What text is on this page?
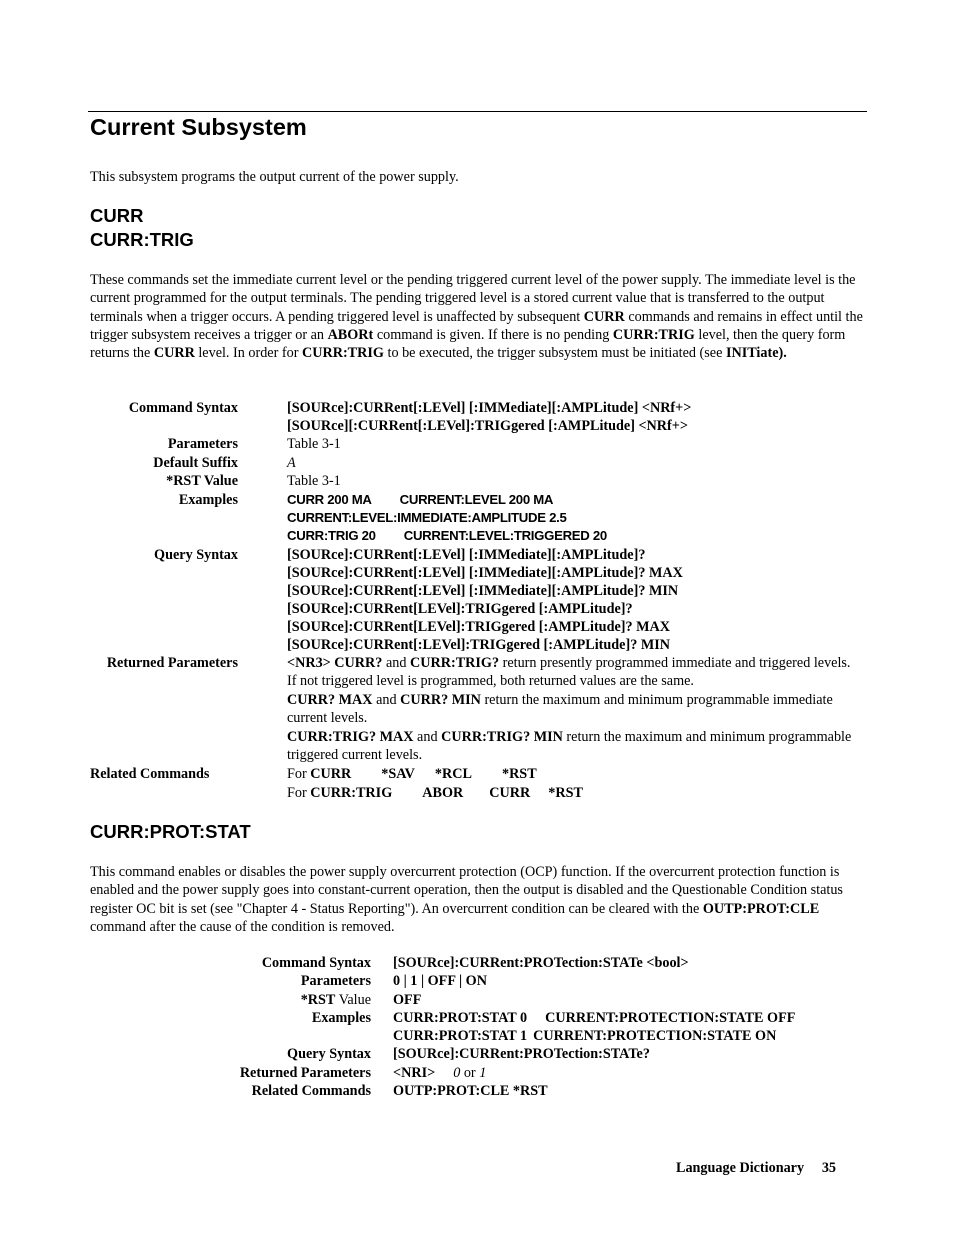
Current Subsystem

This subsystem programs the output current of the power supply.

CURR
CURR:TRIG

These commands set the immediate current level or the pending triggered current level of the power supply. The immediate level is the current programmed for the output terminals. The pending triggered level is a stored current value that is transferred to the output terminals when a trigger occurs. A pending triggered level is unaffected by subsequent CURR commands and remains in effect until the trigger subsystem receives a trigger or an ABORt command is given. If there is no pending CURR:TRIG level, then the query form returns the CURR level. In order for CURR:TRIG to be executed, the trigger subsystem must be initiated (see INITiate).

Command Syntax	[SOURce]:CURRent[:LEVel] [:IMMediate][:AMPLitude] <NRf+>
[SOURce][:CURRent[:LEVel]:TRIGgered [:AMPLitude] <NRf+>
Parameters	Table 3-1
Default Suffix	A
*RST Value	Table 3-1
Examples	CURR 200 MA CURRENT:LEVEL 200 MA
CURRENT:LEVEL:IMMEDIATE:AMPLITUDE 2.5
CURR:TRIG 20 CURRENT:LEVEL:TRIGGERED 20
Query Syntax	[SOURce]:CURRent[:LEVel] [:IMMediate][:AMPLitude]?
[SOURce]:CURRent[:LEVel] [:IMMediate][:AMPLitude]? MAX
[SOURce]:CURRent[:LEVel] [:IMMediate][:AMPLitude]? MIN
[SOURce]:CURRent[LEVel]:TRIGgered [:AMPLitude]?
[SOURce]:CURRent[LEVel]:TRIGgered [:AMPLitude]? MAX
[SOURce]:CURRent[:LEVel]:TRIGgered [:AMPLitude]? MIN
Returned Parameters	<NR3> CURR? and CURR:TRIG? return presently programmed immediate and triggered levels. If not triggered level is programmed, both returned values are the same.
CURR? MAX and CURR? MIN return the maximum and minimum programmable immediate current levels.
CURR:TRIG? MAX and CURR:TRIG? MIN return the maximum and minimum programmable triggered current levels.
Related Commands	For CURR *SAV *RCL *RST
For CURR:TRIG ABOR CURR *RST
CURR:PROT:STAT

This command enables or disables the power supply overcurrent protection (OCP) function. If the overcurrent protection function is enabled and the power supply goes into constant-current operation, then the output is disabled and the Questionable Condition status register OC bit is set (see "Chapter 4 - Status Reporting"). An overcurrent condition can be cleared with the OUTP:PROT:CLE command after the cause of the condition is removed.

Command Syntax [SOURce]:CURRent:PROTection:STATe <bool>
Parameters 0 | 1 | OFF | ON
*RST Value OFF
Examples CURR:PROT:STAT 0 CURRENT:PROTECTION:STATE OFF
CURR:PROT:STAT 1 CURRENT:PROTECTION:STATE ON
Query Syntax [SOURce]:CURRent:PROTection:STATe?
Returned Parameters <NRI> 0 or 1
Related Commands OUTP:PROT:CLE *RST
Language Dictionary 35
